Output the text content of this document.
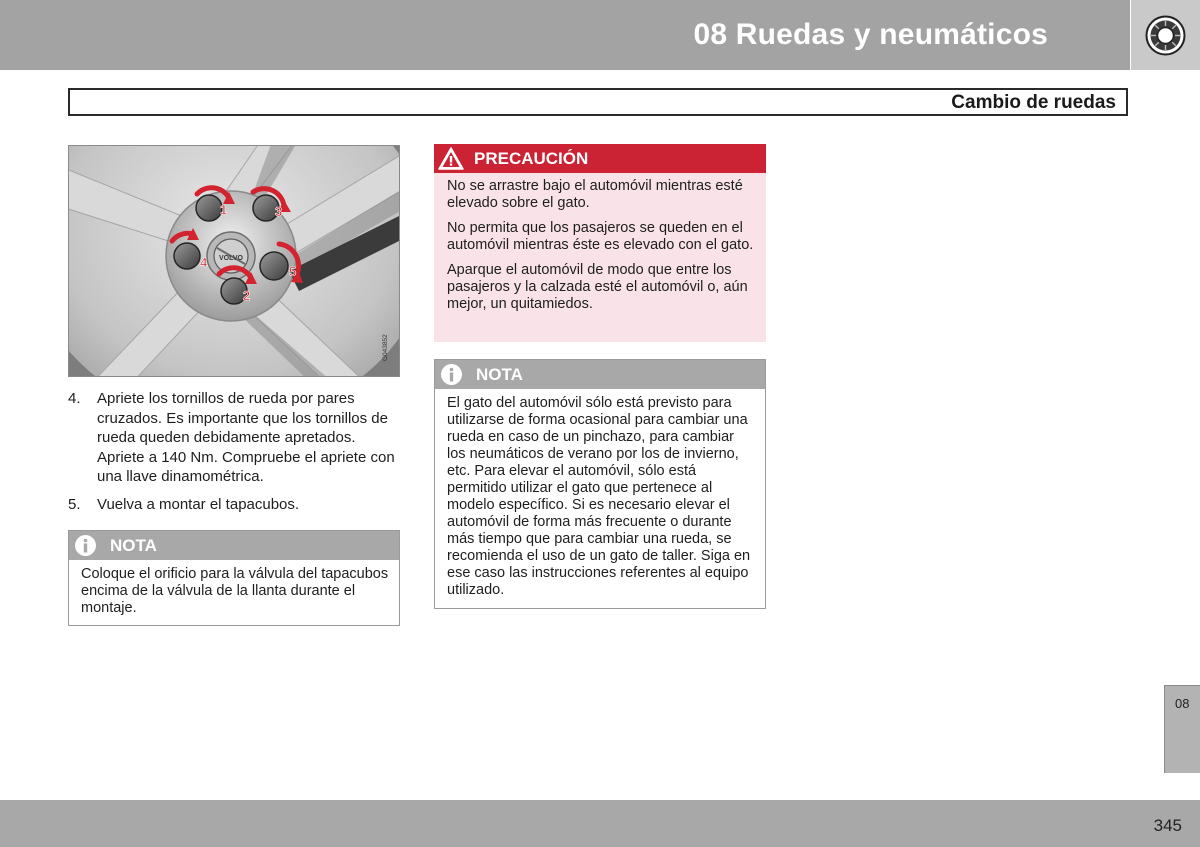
08 Ruedas y neumáticos
Cambio de ruedas
VOLVO
1
2
3
4
5
G043852
4. Apriete los tornillos de rueda por pares cruzados. Es importante que los tornillos de rueda queden debidamente apretados. Apriete a 140 Nm. Compruebe el apriete con una llave dinamométrica.
5. Vuelva a montar el tapacubos.
NOTA
Coloque el orificio para la válvula del tapacubos encima de la válvula de la llanta durante el montaje.
PRECAUCIÓN

No se arrastre bajo el automóvil mientras esté elevado sobre el gato.

No permita que los pasajeros se queden en el automóvil mientras éste es elevado con el gato.

Aparque el automóvil de modo que entre los pasajeros y la calzada esté el automóvil o, aún mejor, un quitamiedos.

NOTA
El gato del automóvil sólo está previsto para utilizarse de forma ocasional para cambiar una rueda en caso de un pinchazo, para cambiar los neumáticos de verano por los de invierno, etc. Para elevar el automóvil, sólo está permitido utilizar el gato que pertenece al modelo específico. Si es necesario elevar el automóvil de forma más frecuente o durante más tiempo que para cambiar una rueda, se recomienda el uso de un gato de taller. Siga en ese caso las instrucciones referentes al equipo utilizado.
08
345
